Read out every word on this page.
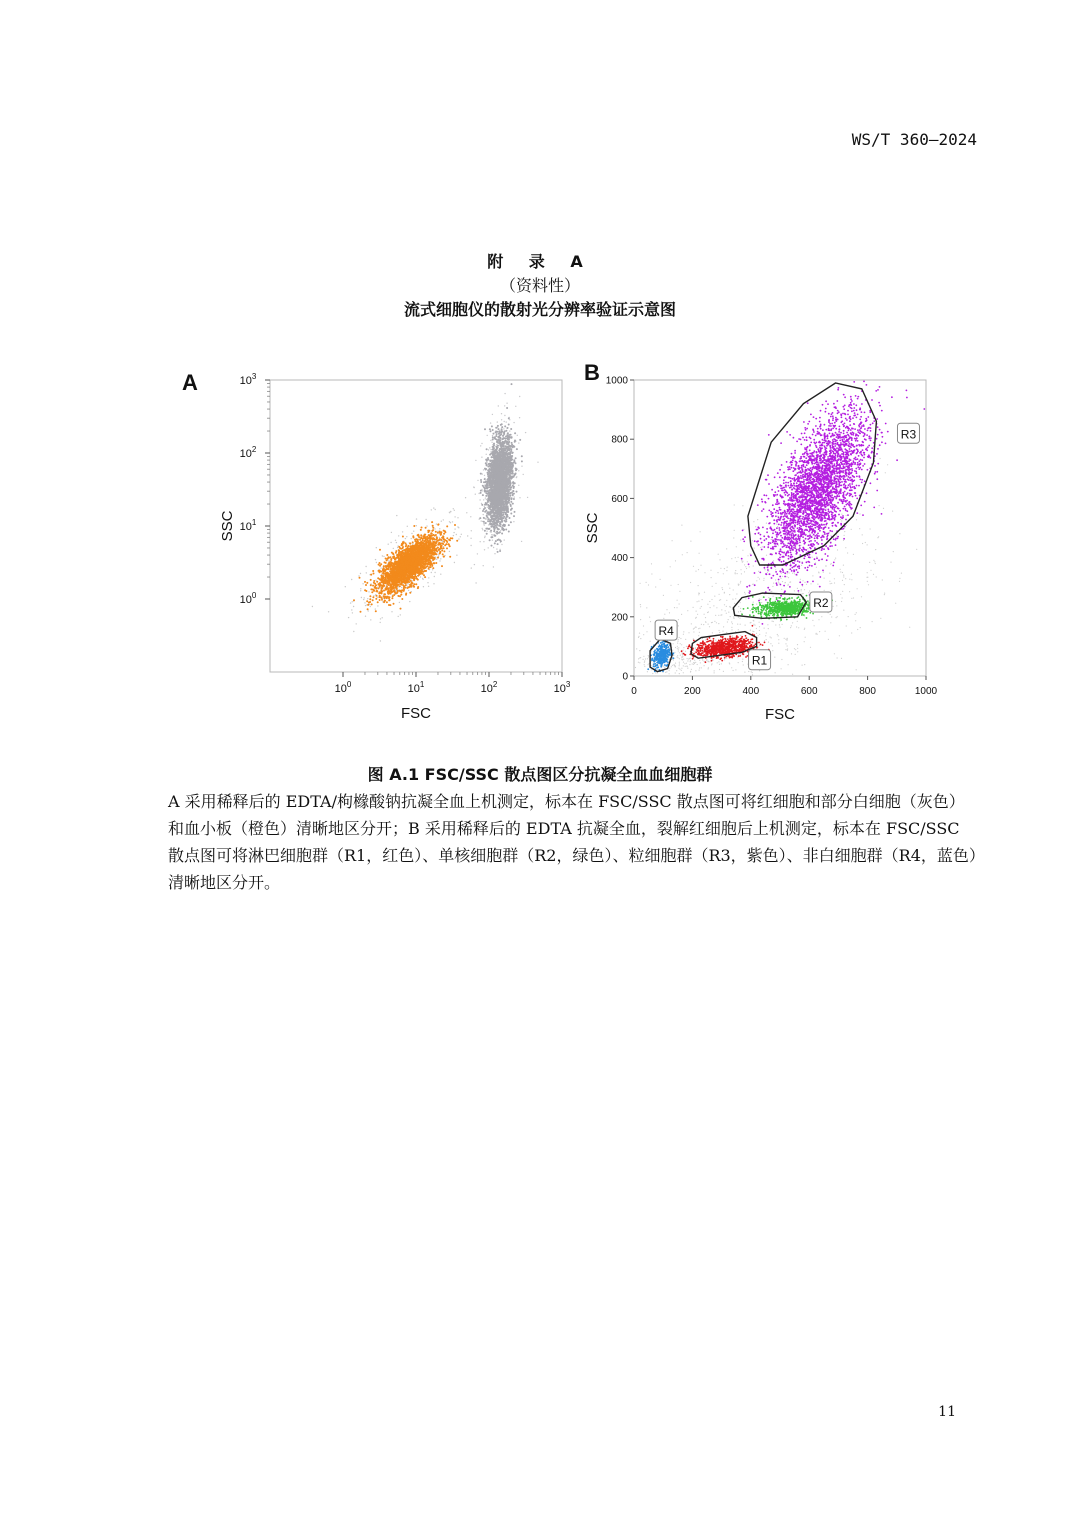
WS/T 360—2024
附 录 A
（资料性）
流式细胞仪的散射光分辨率验证示意图
A
$10^0$
$10^0$
$10^1$
$10^1$
$10^2$
$10^2$
$10^3$
$10^3$
FSC
SSC
B
R1
R2
R3
R4
0	200	400	600	800	1000
0
200
400
600
800
1000
FSC
SSC
图 A.1 FSC/SSC 散点图区分抗凝全血血细胞群
A 采用稀释后的 EDTA/枸橼酸钠抗凝全血上机测定，标本在 FSC/SSC 散点图可将红细胞和部分白细胞（灰色）和血小板（橙色）清晰地区分开；B 采用稀释后的 EDTA 抗凝全血，裂解红细胞后上机测定，标本在 FSC/SSC 散点图可将淋巴细胞群（R1，红色）、单核细胞群（R2，绿色）、粒细胞群（R3，紫色）、非白细胞群（R4，蓝色）清晰地区分开。
11
